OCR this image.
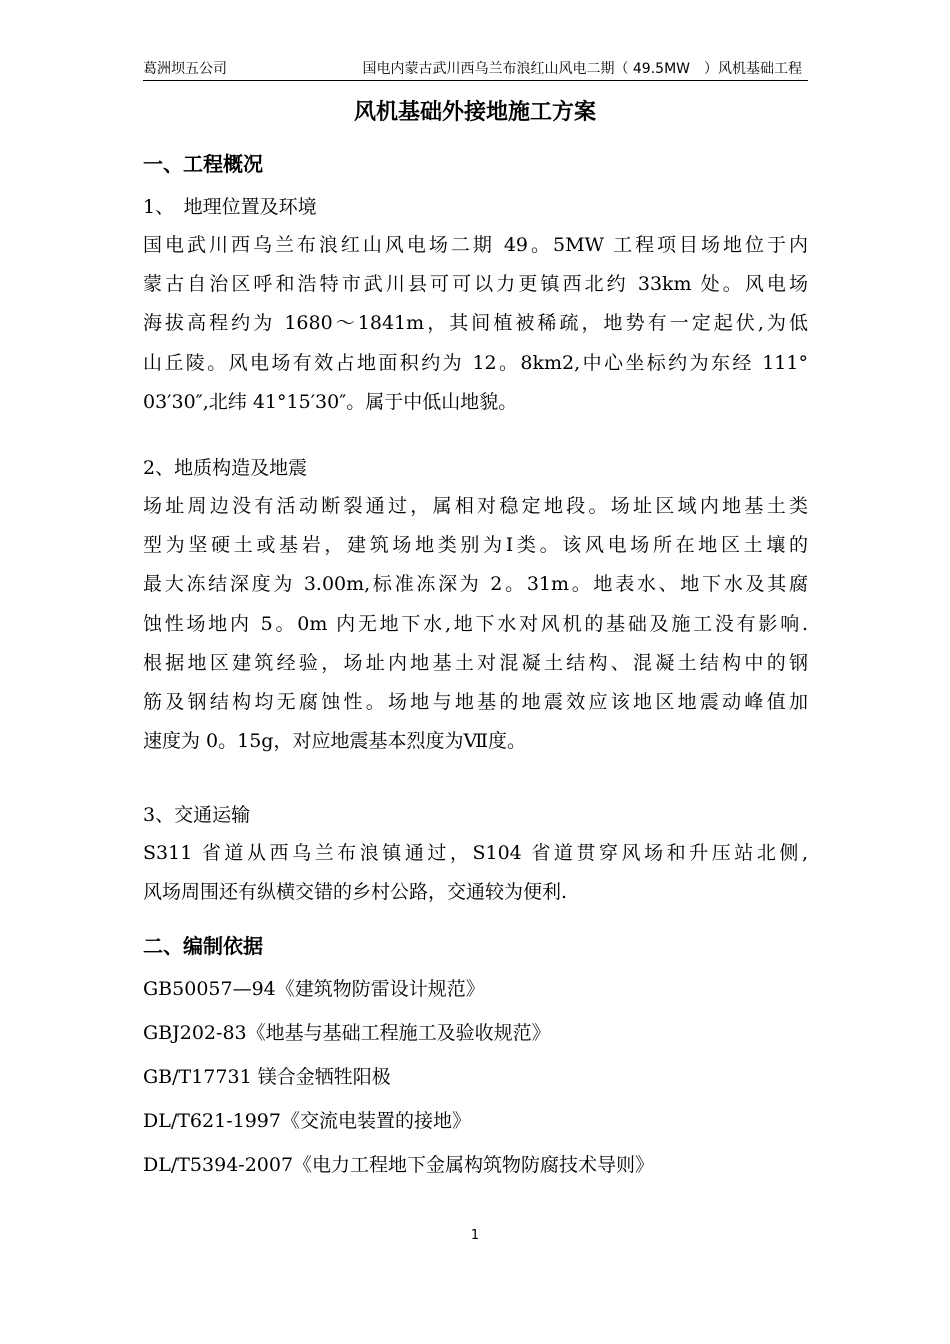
葛洲坝五公司	国电内蒙古武川西乌兰布浪红山风电二期（ 49.5MW　）风机基础工程
风机基础外接地施工方案
一、工程概况
1、　地理位置及环境
国电武川西乌兰布浪红山风电场二期 49。5MW 工程项目场地位于内
蒙古自治区呼和浩特市武川县可可以力更镇西北约 33km 处。风电场
海拔高程约为 1680～1841m，其间植被稀疏，地势有一定起伏,为低
山丘陵。风电场有效占地面积约为 12。8km2,中心坐标约为东经 111°
03′30″,北纬 41°15′30″。属于中低山地貌。
2、地质构造及地震
场址周边没有活动断裂通过，属相对稳定地段。场址区域内地基土类
型为坚硬土或基岩，建筑场地类别为Ⅰ类。该风电场所在地区土壤的
最大冻结深度为 3.00m,标准冻深为 2。31m。地表水、地下水及其腐
蚀性场地内 5。0m 内无地下水,地下水对风机的基础及施工没有影响.
根据地区建筑经验，场址内地基土对混凝土结构、混凝土结构中的钢
筋及钢结构均无腐蚀性。场地与地基的地震效应该地区地震动峰值加
速度为 0。15g，对应地震基本烈度为Ⅶ度。
3、交通运输
S311 省道从西乌兰布浪镇通过，S104 省道贯穿风场和升压站北侧,
风场周围还有纵横交错的乡村公路，交通较为便利.
二、编制依据
GB50057—94《建筑物防雷设计规范》
GBJ202-83《地基与基础工程施工及验收规范》
GB/T17731 镁合金牺牲阳极
DL/T621-1997《交流电装置的接地》
DL/T5394-2007《电力工程地下金属构筑物防腐技术导则》
1
